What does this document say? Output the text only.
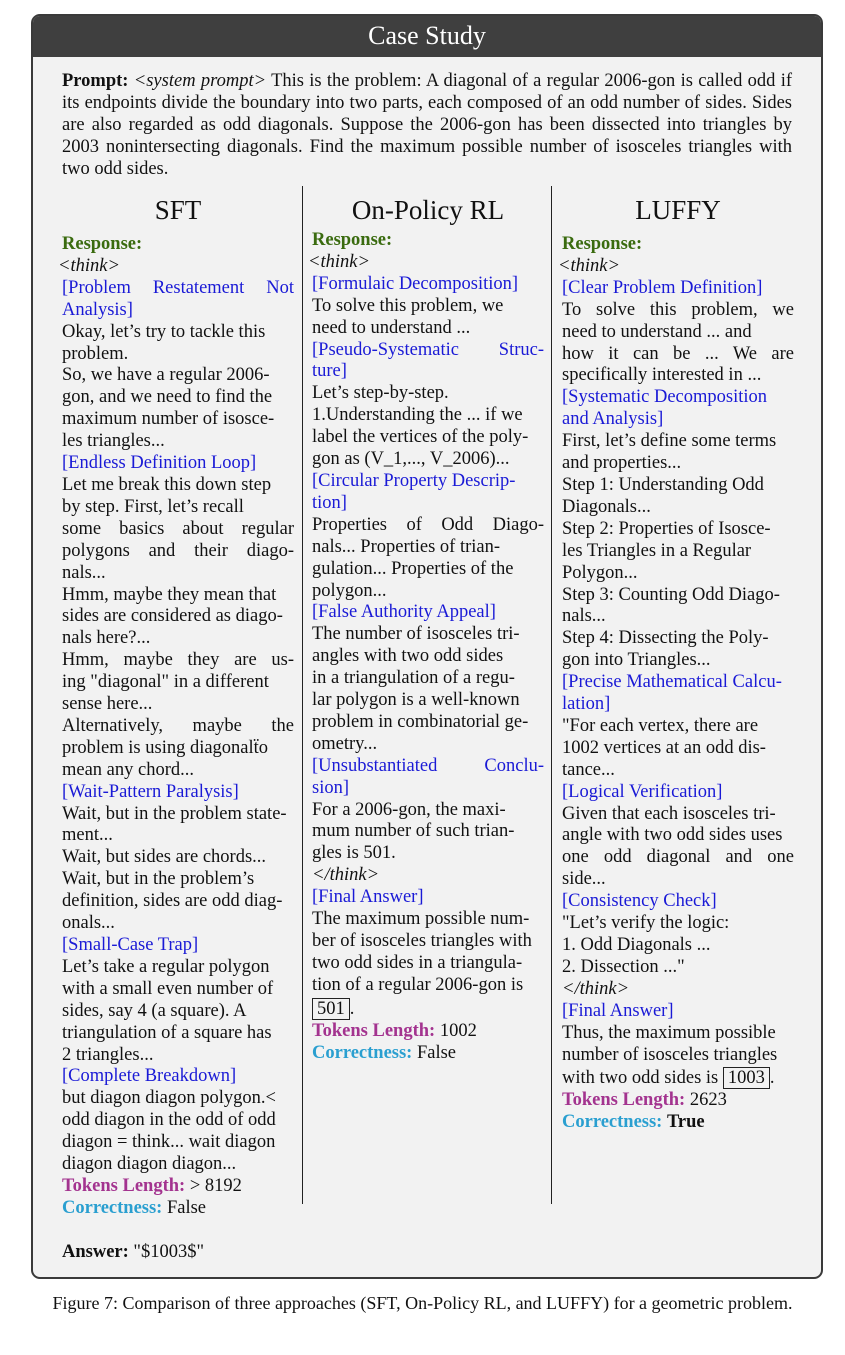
Case Study
Prompt: <system prompt> This is the problem: A diagonal of a regular 2006-gon is called odd if its endpoints divide the boundary into two parts, each composed of an odd number of sides. Sides are also regarded as odd diagonals. Suppose the 2006-gon has been dissected into triangles by 2003 nonintersecting diagonals. Find the maximum possible number of isosceles triangles with two odd sides.
SFT
Response:
<think>
[Problem Restatement Not
Analysis]
Okay, let’s try to tackle this
problem.
So, we have a regular 2006-
gon, and we need to find the
maximum number of isosce-
les triangles...
[Endless Definition Loop]
Let me break this down step
by step. First, let’s recall
some basics about regular
polygons and their diago-
nals...
Hmm, maybe they mean that
sides are considered as diago-
nals here?...
Hmm, maybe they are us-
ing "diagonal" in a different
sense here...
Alternatively, maybe the
problem is using diagonalẗo
mean any chord...
[Wait-Pattern Paralysis]
Wait, but in the problem state-
ment...
Wait, but sides are chords...
Wait, but in the problem’s
definition, sides are odd diag-
onals...
[Small-Case Trap]
Let’s take a regular polygon
with a small even number of
sides, say 4 (a square). A
triangulation of a square has
2 triangles...
[Complete Breakdown]
but diagon diagon polygon.<
odd diagon in the odd of odd
diagon = think... wait diagon
diagon diagon diagon...
Tokens Length: > 8192
Correctness: False
On-Policy RL
Response:
<think>
[Formulaic Decomposition]
To solve this problem, we
need to understand ...
[Pseudo-Systematic Struc-
ture]
Let’s step-by-step.
1.Understanding the ... if we
label the vertices of the poly-
gon as (V_1,..., V_2006)...
[Circular Property Descrip-
tion]
Properties of Odd Diago-
nals... Properties of trian-
gulation... Properties of the
polygon...
[False Authority Appeal]
The number of isosceles tri-
angles with two odd sides
in a triangulation of a regu-
lar polygon is a well-known
problem in combinatorial ge-
ometry...
[Unsubstantiated Conclu-
sion]
For a 2006-gon, the maxi-
mum number of such trian-
gles is 501.
</think>
[Final Answer]
The maximum possible num-
ber of isosceles triangles with
two odd sides in a triangula-
tion of a regular 2006-gon is
501 .
Tokens Length: 1002
Correctness: False
LUFFY
Response:
<think>
[Clear Problem Definition]
To solve this problem, we
need to understand ... and
how it can be ... We are
specifically interested in ...
[Systematic Decomposition
and Analysis]
First, let’s define some terms
and properties...
Step 1: Understanding Odd
Diagonals...
Step 2: Properties of Isosce-
les Triangles in a Regular
Polygon...
Step 3: Counting Odd Diago-
nals...
Step 4: Dissecting the Poly-
gon into Triangles...
[Precise Mathematical Calcu-
lation]
"For each vertex, there are
1002 vertices at an odd dis-
tance...
[Logical Verification]
Given that each isosceles tri-
angle with two odd sides uses
one odd diagonal and one
side...
[Consistency Check]
"Let’s verify the logic:
1. Odd Diagonals ...
2. Dissection ..."
</think>
[Final Answer]
Thus, the maximum possible
number of isosceles triangles
with two odd sides is 1003 .
Tokens Length: 2623
Correctness: True
Answer: "$1003$"
Figure 7: Comparison of three approaches (SFT, On-Policy RL, and LUFFY) for a geometric problem.
